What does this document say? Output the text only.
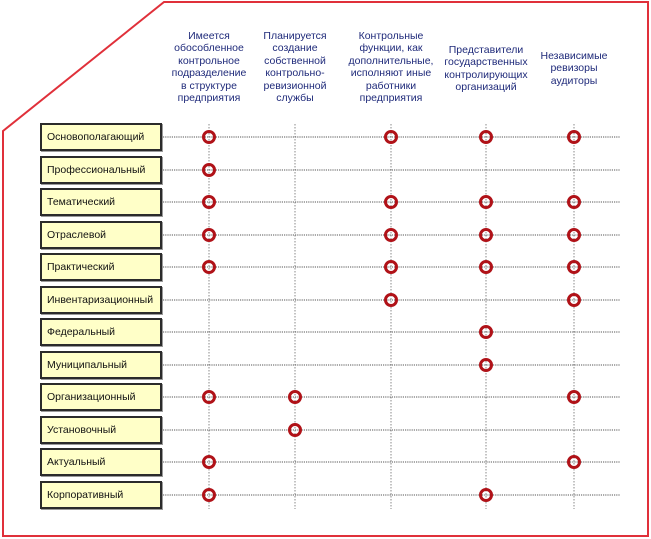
Имеется
обособленное
контрольное
подразделение
в структуре
предприятия
Планируется
создание
собственной
контрольно-
ревизионной
службы
Контрольные
функции, как
дополнительные,
исполняют иные
работники
предприятия
Представители
государственных
контролирующих
организаций
Независимые
ревизоры
аудиторы
Основополагающий
Профессиональный
Тематический
Отраслевой
Практический
Инвентаризационный
Федеральный
Муниципальный
Организационный
Установочный
Актуальный
Корпоративный
